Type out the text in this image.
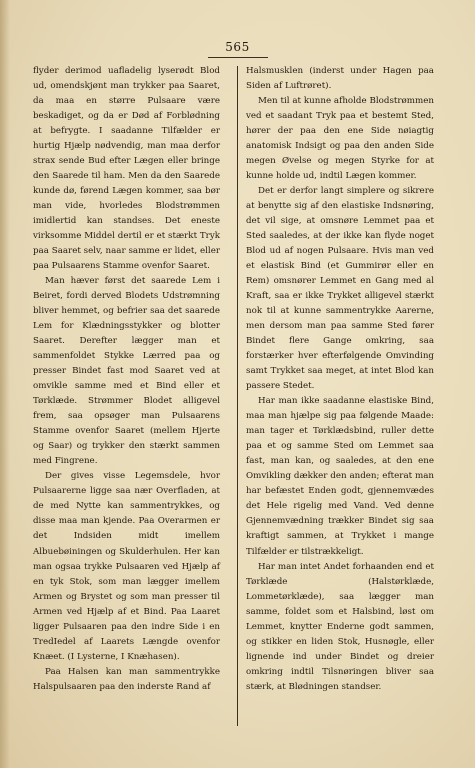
565

flyder derimod uafladelig lyserødt Blod ud, omendskjønt man trykker paa Saaret, da maa en større Pulsaare være beskadiget, og da er Død af Forblødning at befrygte. I saadanne Tilfælder er hurtig Hjælp nødvendig, man maa derfor strax sende Bud efter Lægen eller bringe den Saarede til ham. Men da den Saarede kunde dø, førend Lægen kommer, saa bør man vide, hvorledes Blodstrømmen imidlertid kan standses. Det eneste virksomme Middel dertil er et stærkt Tryk paa Saaret selv, naar samme er lidet, eller paa Pulsaarens Stamme ovenfor Saaret.

Man hæver først det saarede Lem i Beiret, fordi derved Blodets Udstrømning bliver hemmet, og befrier saa det saarede Lem for Klædningsstykker og blotter Saaret. Derefter lægger man et sammenfoldet Stykke Lærred paa og presser Bindet fast mod Saaret ved at omvikle samme med et Bind eller et Tørklæde. Strømmer Blodet alligevel frem, saa opsøger man Pulsaarens Stamme ovenfor Saaret (mellem Hjerte og Saar) og trykker den stærkt sammen med Fingrene.

Der gives visse Legemsdele, hvor Pulsaarerne ligge saa nær Overfladen, at de med Nytte kan sammentrykkes, og disse maa man kjende. Paa Overarmen er det Indsiden midt imellem Albuebøiningen og Skulderhulen. Her kan man ogsaa trykke Pulsaaren ved Hjælp af en tyk Stok, som man lægger imellem Armen og Brystet og som man presser til Armen ved Hjælp af et Bind. Paa Laaret ligger Pulsaaren paa den indre Side i en TredIedel af Laarets Længde ovenfor Knæet. (I Lysterne, I Knæhasen).

Paa Halsen kan man sammentrykke Halspulsaaren paa den inderste Rand af

Halsmusklen (inderst under Hagen paa Siden af Luftrøret).

Men til at kunne afholde Blodstrømmen ved et saadant Tryk paa et bestemt Sted, hører der paa den ene Side nøiagtig anatomisk Indsigt og paa den anden Side megen Øvelse og megen Styrke for at kunne holde ud, indtil Lægen kommer.

Det er derfor langt simplere og sikrere at benytte sig af den elastiske Indsnøring, det vil sige, at omsnøre Lemmet paa et Sted saaledes, at der ikke kan flyde noget Blod ud af nogen Pulsaare. Hvis man ved et elastisk Bind (et Gummirør eller en Rem) omsnører Lemmet en Gang med al Kraft, saa er ikke Trykket alligevel stærkt nok til at kunne sammentrykke Aarerne, men dersom man paa samme Sted fører Bindet flere Gange omkring, saa forstærker hver efterfølgende Omvinding samt Trykket saa meget, at intet Blod kan passere Stedet.

Har man ikke saadanne elastiske Bind, maa man hjælpe sig paa følgende Maade: man tager et Tørklædsbind, ruller dette paa et og samme Sted om Lemmet saa fast, man kan, og saaledes, at den ene Omvikling dækker den anden; efterat man har befæstet Enden godt, gjennemvædes det Hele rigelig med Vand. Ved denne Gjennemvædning trækker Bindet sig saa kraftigt sammen, at Trykket i mange Tilfælder er tilstrækkeligt.

Har man intet Andet forhaanden end et Tørklæde (Halstørklæde, Lommetørklæde), saa lægger man samme, foldet som et Halsbind, løst om Lemmet, knytter Enderne godt sammen, og stikker en liden Stok, Husnøgle, eller lignende ind under Bindet og dreier omkring indtil Tilsnøringen bliver saa stærk, at Blødningen standser.
